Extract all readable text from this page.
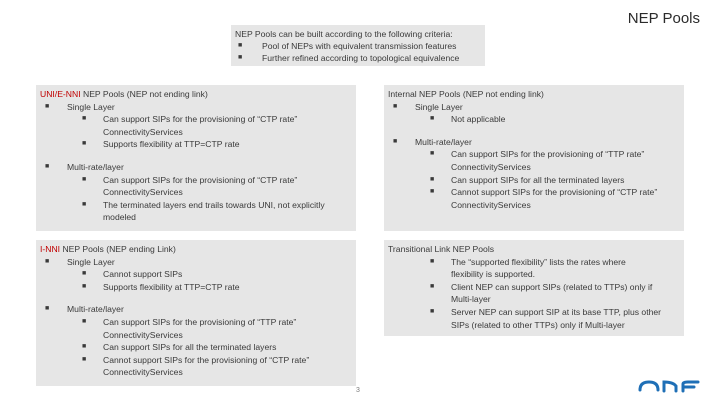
NEP Pools
NEP Pools can be built according to the following criteria:
■ Pool of NEPs with equivalent transmission features
■ Further refined according to topological equivalence
UNI/E-NNI NEP Pools (NEP not ending link)
■ Single Layer
■ Can support SIPs for the provisioning of “CTP rate”
ConnectivityServices
■ Supports flexibility at TTP=CTP rate
■ Multi-rate/layer
■ Can support SIPs for the provisioning of “CTP rate”
ConnectivityServices
■ The terminated layers end trails towards UNI, not explicitly
modeled
I-NNI NEP Pools (NEP ending Link)
■ Single Layer
■ Cannot support SIPs
■ Supports flexibility at TTP=CTP rate
■ Multi-rate/layer
■ Can support SIPs for the provisioning of “TTP rate”
ConnectivityServices
■ Can support SIPs for all the terminated layers
■ Cannot support SIPs for the provisioning of “CTP rate”
ConnectivityServices
Internal NEP Pools (NEP not ending link)
■ Single Layer
■ Not applicable
■ Multi-rate/layer
■ Can support SIPs for the provisioning of “TTP rate”
ConnectivityServices
■ Can support SIPs for all the terminated layers
■ Cannot support SIPs for the provisioning of “CTP rate”
ConnectivityServices
Transitional Link NEP Pools
■ The “supported flexibility” lists the rates where
flexibility is supported.
■ Client NEP can support SIPs (related to TTPs) only if
Multi-layer
■ Server NEP can support SIP at its base TTP, plus other
SIPs (related to other TTPs) only if Multi-layer
3
